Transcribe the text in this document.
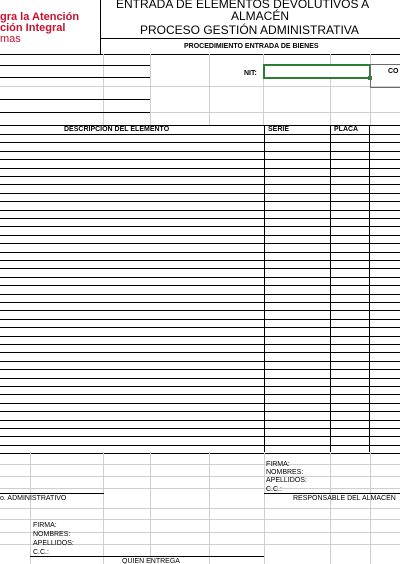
gra la Atención
ción Integral
mas
ENTRADA DE ELEMENTOS DEVOLUTIVOS A
ALMACÉN
PROCESO GESTIÓN ADMINISTRATIVA
PROCEDIMIENTO ENTRADA DE BIENES
NIT:	CO
DESCRIPCION DEL ELEMENTO	SERIE	PLACA
FIRMA:
NOMBRES:
APELLIDOS:
C.C.:
RESPONSABLE DEL ALMACÉN
o. ADMINISTRATIVO
FIRMA:
NOMBRES:
APELLIDOS:
C.C.:
QUIEN ENTREGA
